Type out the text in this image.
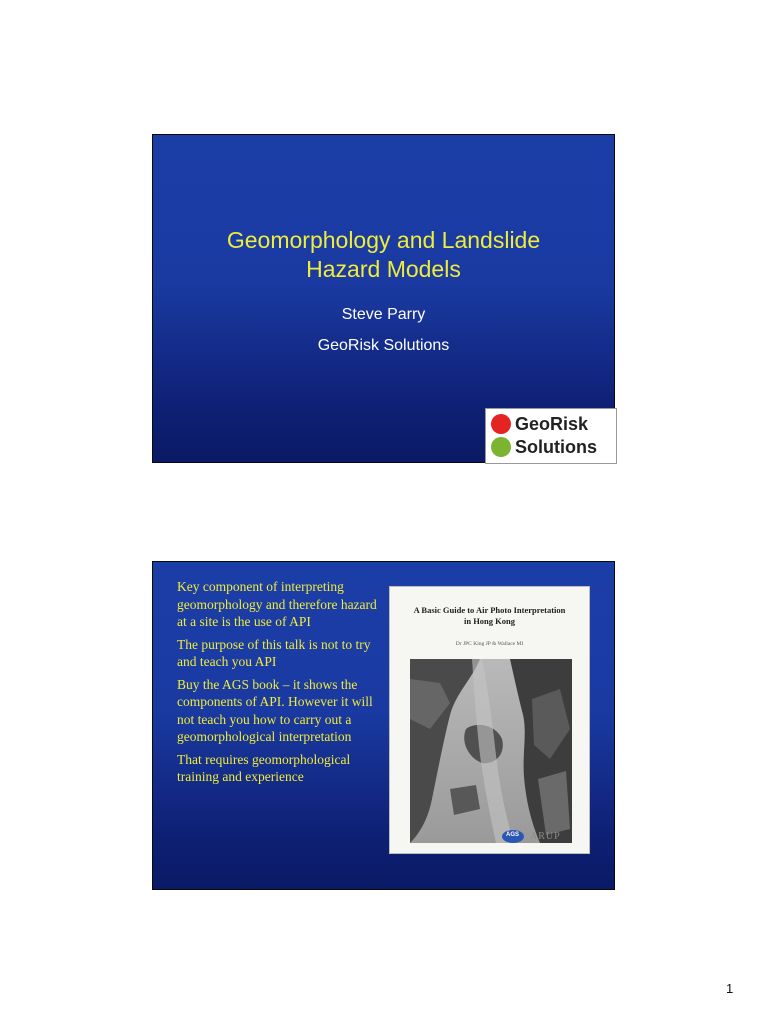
Geomorphology and Landslide
Hazard Models
Steve Parry
GeoRisk Solutions
GeoRisk
Solutions
Key component of interpreting geomorphology and therefore hazard at a site is the use of API
The purpose of this talk is not to try and teach you API
Buy the AGS book – it shows the components of API. However it will not teach you how to carry out a geomorphological interpretation
That requires geomorphological training and experience
A Basic Guide to Air Photo Interpretation
in Hong Kong
Dr JPC King JP & Wallace MI
AGS ARUP
1
